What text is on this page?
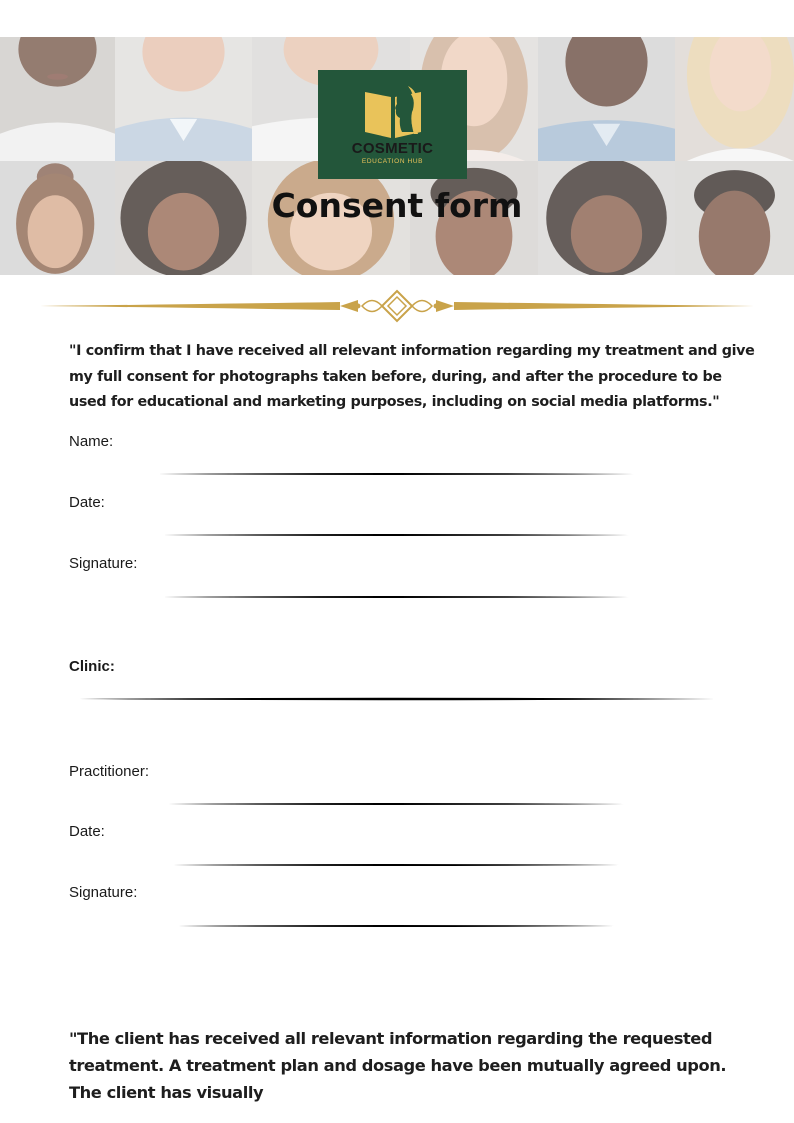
COSMETIC
EDUCATION HUB
Consent form

"I confirm that I have received all relevant information regarding my treatment and give my full consent for photographs taken before, during, and after the procedure to be used for educational and marketing purposes, including on social media platforms."

Name:

Date:

Signature:

Clinic:

Practitioner:

Date:

Signature:

"The client has received all relevant information regarding the requested treatment. A treatment plan and dosage have been mutually agreed upon. The client has visually
